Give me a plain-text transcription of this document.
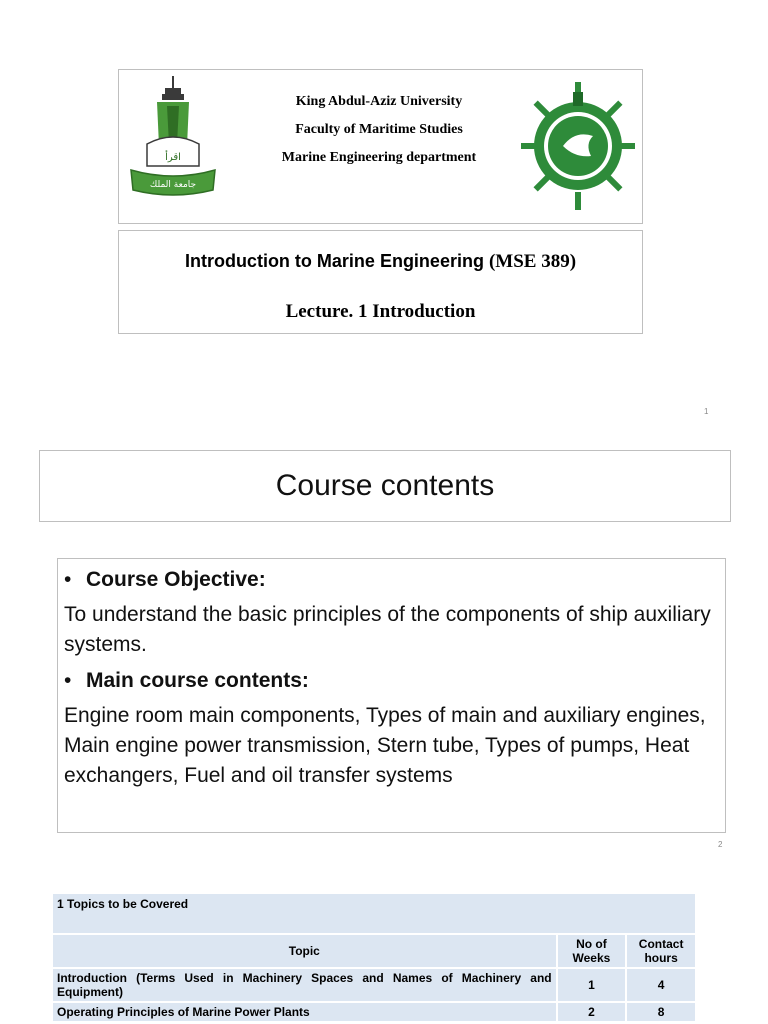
اقرأ
جامعة الملك
King Abdul-Aziz University
Faculty of Maritime Studies
Marine Engineering department
Introduction to Marine Engineering (MSE 389)
Lecture. 1 Introduction
1
Course contents

• Course Objective:

To understand the basic principles of the components of ship auxiliary systems.

• Main course contents:

Engine room main components, Types of main and auxiliary engines, Main engine power transmission, Stern tube, Types of pumps, Heat exchangers, Fuel and oil transfer systems

2
1 Topics to be Covered		
Topic	No of Weeks	Contact hours
Introduction (Terms Used in Machinery Spaces and Names of Machinery and Equipment)	1	4
Operating Principles of Marine Power Plants	2	8
